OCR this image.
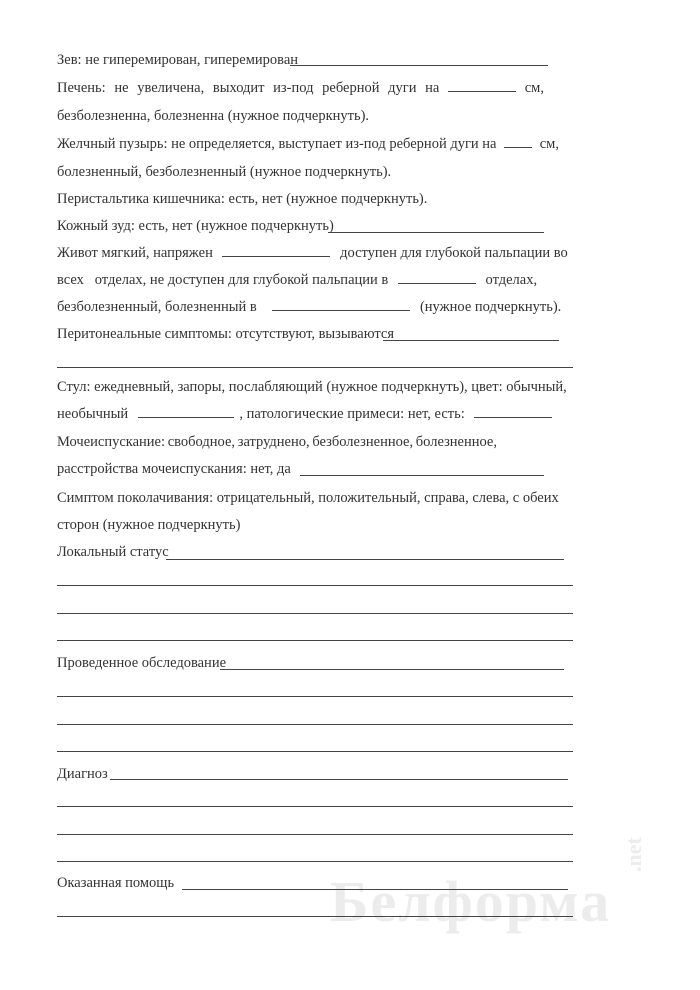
Зев: не гиперемирован, гиперемирован
Печень: не увеличена, выходит из-под реберной дуги на	см,
безболезненна, болезненна (нужное подчеркнуть).
Желчный пузырь: не определяется, выступает из-под реберной дуги на	см,
болезненный, безболезненный (нужное подчеркнуть).
Перистальтика кишечника: есть, нет (нужное подчеркнуть).
Кожный зуд: есть, нет (нужное подчеркнуть)
Живот мягкий, напряжен	доступен для глубокой пальпации во
всех   отделах, не доступен для глубокой пальпации в	отделах,
безболезненный, болезненный в	(нужное подчеркнуть).
Перитонеальные симптомы: отсутствуют, вызываются
Стул: ежедневный, запоры, послабляющий (нужное подчеркнуть), цвет: обычный,
необычный	, патологические примеси: нет, есть:
Мочеиспускание: свободное, затруднено, безболезненное, болезненное,
расстройства мочеиспускания: нет, да
Симптом поколачивания: отрицательный, положительный, справа, слева, с обеих
сторон (нужное подчеркнуть)
Локальный статус
Проведенное обследование
Диагноз
Белформа
.net
Оказанная помощь
